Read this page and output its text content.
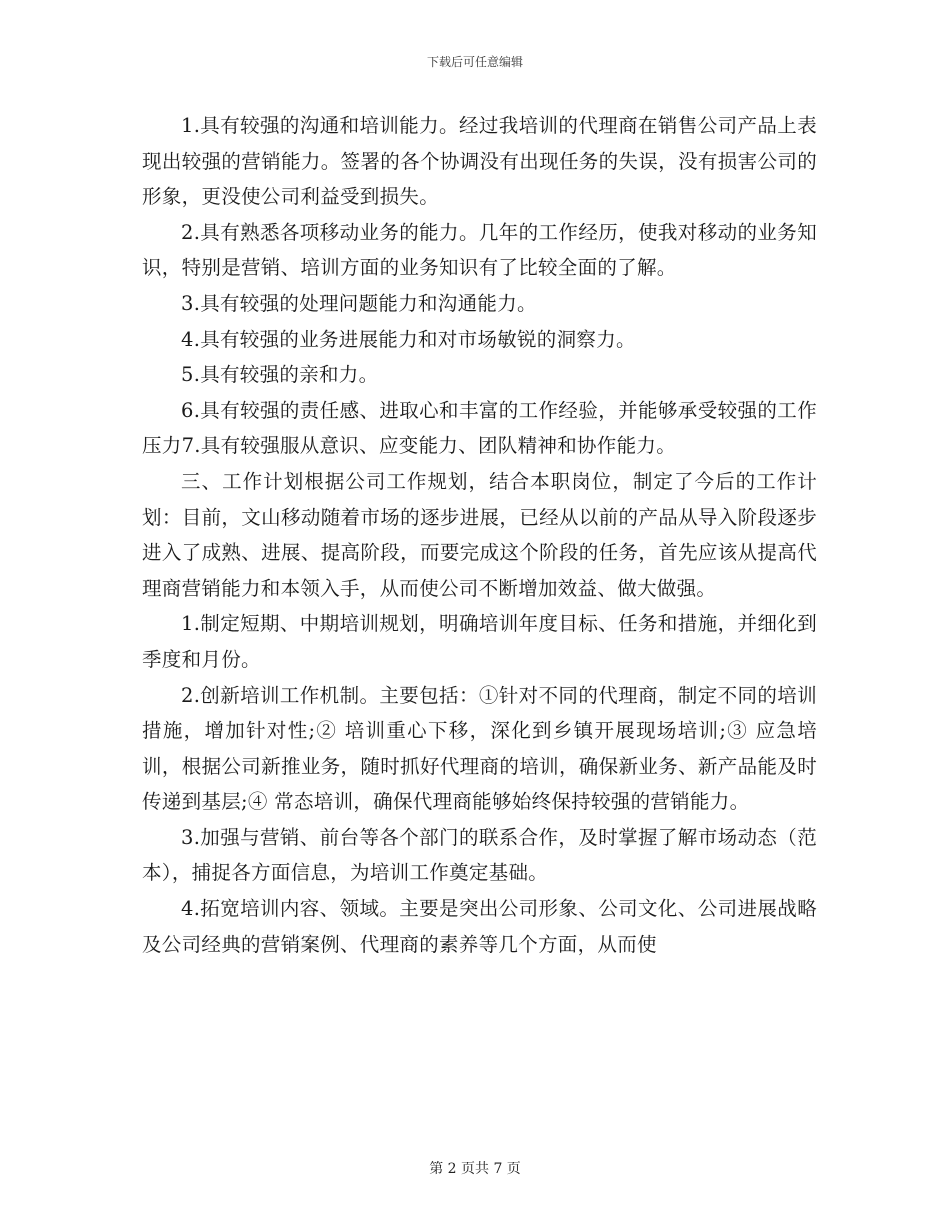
下载后可任意编辑

1.具有较强的沟通和培训能力。经过我培训的代理商在销售公司产品上表现出较强的营销能力。签署的各个协调没有出现任务的失误，没有损害公司的形象，更没使公司利益受到损失。

2.具有熟悉各项移动业务的能力。几年的工作经历，使我对移动的业务知识，特别是营销、培训方面的业务知识有了比较全面的了解。

3.具有较强的处理问题能力和沟通能力。

4.具有较强的业务进展能力和对市场敏锐的洞察力。

5.具有较强的亲和力。

6.具有较强的责任感、进取心和丰富的工作经验，并能够承受较强的工作压力7.具有较强服从意识、应变能力、团队精神和协作能力。

三、工作计划根据公司工作规划，结合本职岗位，制定了今后的工作计划：目前，文山移动随着市场的逐步进展，已经从以前的产品从导入阶段逐步进入了成熟、进展、提高阶段，而要完成这个阶段的任务，首先应该从提高代理商营销能力和本领入手，从而使公司不断增加效益、做大做强。

1.制定短期、中期培训规划，明确培训年度目标、任务和措施，并细化到季度和月份。

2.创新培训工作机制。主要包括：①针对不同的代理商，制定不同的培训措施，增加针对性;② 培训重心下移，深化到乡镇开展现场培训;③ 应急培训，根据公司新推业务，随时抓好代理商的培训，确保新业务、新产品能及时传递到基层;④ 常态培训，确保代理商能够始终保持较强的营销能力。

3.加强与营销、前台等各个部门的联系合作，及时掌握了解市场动态（范本），捕捉各方面信息，为培训工作奠定基础。

4.拓宽培训内容、领域。主要是突出公司形象、公司文化、公司进展战略及公司经典的营销案例、代理商的素养等几个方面，从而使

第 2 页共 7 页
